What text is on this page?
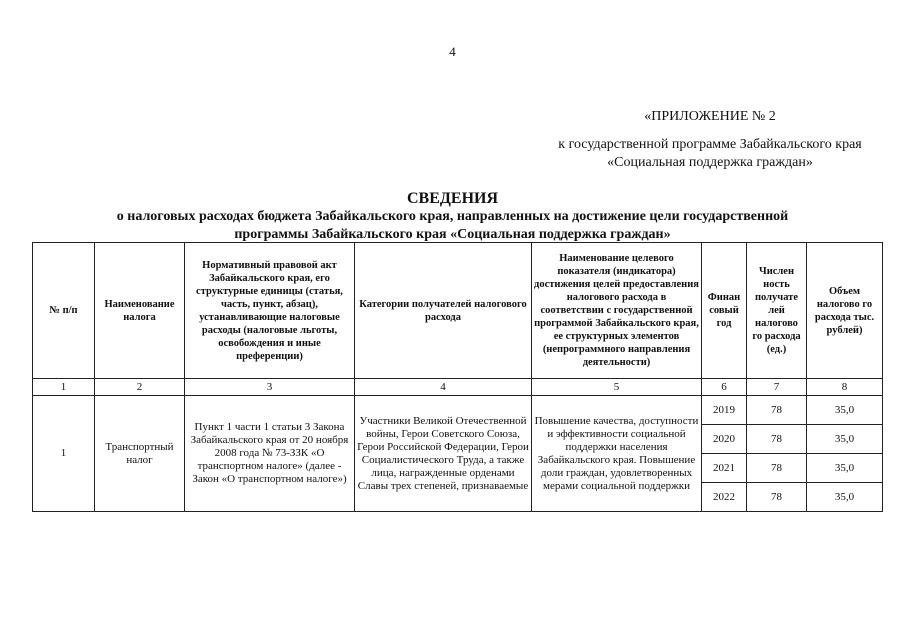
4
«ПРИЛОЖЕНИЕ № 2
к государственной программе Забайкальского края
«Социальная поддержка граждан»
СВЕДЕНИЯ
о налоговых расходах бюджета Забайкальского края, направленных на достижение цели государственной
программы Забайкальского края «Социальная поддержка граждан»
№ п/п	Наименование налога	Нормативный правовой акт Забайкальского края, его структурные единицы (статья, часть, пункт, абзац), устанавливающие налоговые расходы (налоговые льготы, освобождения и иные преференции)	Категории получателей налогового расхода	Наименование целевого показателя (индикатора) достижения целей предоставления налогового расхода в соответствии с государственной программой Забайкальского края, ее структурных элементов (непрограммного направления деятельности)	Финан совый год	Числен ность получате лей налогово го расхода (ед.)	Объем налогово го расхода тыс. рублей)
1	2	3	4	5	6	7	8
1	Транспортный налог	Пункт 1 части 1 статьи 3 Закона Забайкальского края от 20 ноября 2008 года № 73-ЗЗК «О транспортном налоге» (далее - Закон «О транспортном налоге»)	Участники Великой Отечественной войны, Герои Советского Союза, Герои Российской Федерации, Герои Социалистического Труда, а также лица, награжденные орденами Славы трех степеней, признаваемые	Повышение качества, доступности и эффективности социальной поддержки населения Забайкальского края. Повышение доли граждан, удовлетворенных мерами социальной поддержки	2019	78	35,0
					2020	78	35,0
					2021	78	35,0
					2022	78	35,0
